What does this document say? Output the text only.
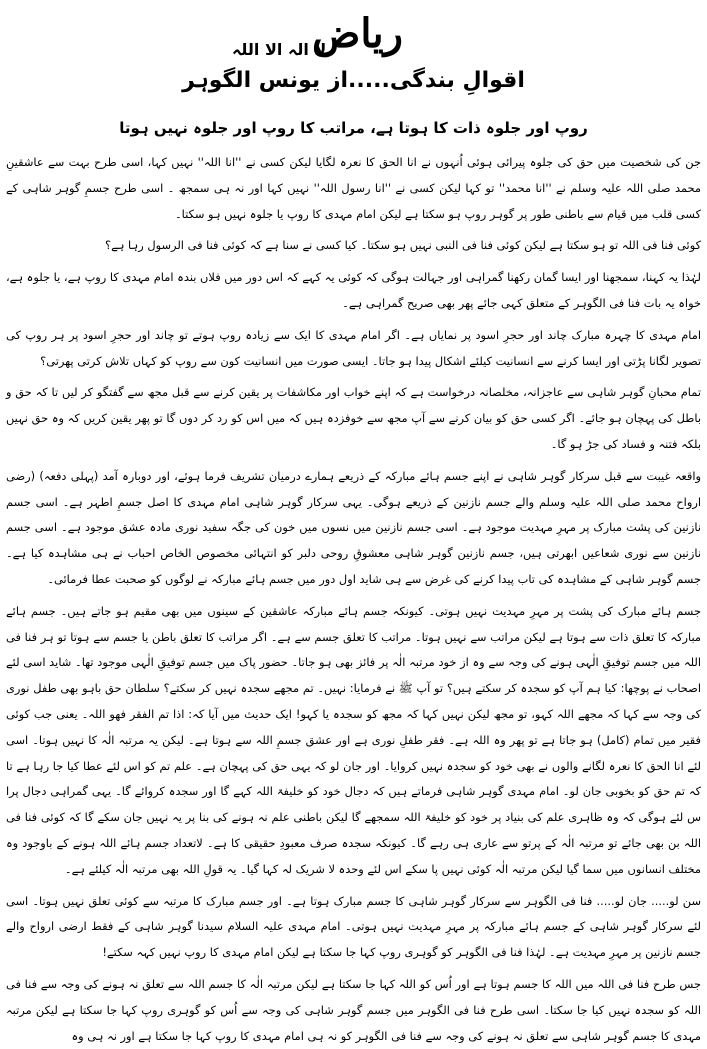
ریاض
لا الہ الا اللہ
اقوالِ بندگی.....از یونس الگوہر
روپ اور جلوہ ذات کا ہوتا ہے، مراتب کا روپ اور جلوہ نہیں ہوتا

جن کی شخصیت میں حق کی جلوہ پیرائی ہوئی اُنہوں نے انا الحق کا نعرہ لگایا لیکن کسی نے ''انا اللہ'' نہیں کہا، اسی طرح بہت سے عاشقینِ محمد صلی اللہ علیہ وسلم نے ''انا محمد'' تو کہا لیکن کسی نے ''انا رسول اللہ'' نہیں کہا اور نہ ہی سمجھ ۔ اسی طرح جسمِ گوہر شاہی کے کسی قلب میں قیام سے باطنی طور پر گوہر روپ ہو سکتا ہے لیکن امام مہدی کا روپ یا جلوہ نہیں ہو سکتا۔

کوئی فنا فی اللہ تو ہو سکتا ہے لیکن کوئی فنا فی النبی نہیں ہو سکتا۔ کیا کسی نے سنا ہے کہ کوئی فنا فی الرسول رہا ہے؟

لہٰذا یہ کہنا، سمجھنا اور ایسا گمان رکھنا گمراہی اور جہالت ہوگی کہ کوئی یہ کہے کہ اس دور میں فلاں بندہ امام مہدی کا روپ ہے، یا جلوہ ہے، خواہ یہ بات فنا فی الگوہر کے متعلق کہی جائے پھر بھی صریح گمراہی ہے۔

امام مہدی کا چہرہ مبارک چاند اور حجرِ اسود پر نمایاں ہے۔ اگر امام مہدی کا ایک سے زیادہ روپ ہوتے تو چاند اور حجرِ اسود پر ہر روپ کی تصویر لگانا پڑتی اور ایسا کرنے سے انسانیت کیلئے اشکال پیدا ہو جاتا۔ ایسی صورت میں انسانیت کون سے روپ کو کہاں تلاش کرتی پھرتی؟

تمام محبانِ گوہر شاہی سے عاجزانہ، مخلصانہ درخواست ہے کہ اپنے خواب اور مکاشفات پر یقین کرنے سے قبل مجھ سے گفتگو کر لیں تا کہ حق و باطل کی پہچان ہو جائے۔ اگر کسی حق کو بیان کرنے سے آپ مجھ سے خوفزدہ ہیں کہ میں اس کو رد کر دوں گا تو پھر یقین کریں کہ وہ حق نہیں بلکہ فتنہ و فساد کی جڑ ہو گا۔

واقعہ غیبت سے قبل سرکار گوہر شاہی نے اپنے جسم ہائے مبارکہ کے ذریعے ہمارے درمیان تشریف فرما ہوئے، اور دوبارہ آمد (پہلی دفعہ) (رضی ارواح محمد صلی اللہ علیہ وسلم والے جسم نازنین کے ذریعے ہوگی۔ یہی سرکار گوہر شاہی امام مہدی کا اصل جسمِ اطہر ہے۔ اسی جسم نازنین کی پشت مبارک پر مہرِ مہدیت موجود ہے۔ اسی جسم نازنین میں نسوں میں خون کی جگہ سفید نوری مادہ عشق موجود ہے۔ اسی جسم نازنین سے نوری شعاعیں ابھرتی ہیں، جسم نازنین گوہر شاہی معشوقِ روحی دلبر کو انتہائی مخصوص الخاص احباب نے ہی مشاہدہ کیا ہے۔ جسم گوہر شاہی کے مشاہدہ کی تاب پیدا کرنے کی غرض سے ہی شاید اول دور میں جسم ہائے مبارکہ نے لوگوں کو صحبت عطا فرمائی۔

جسم ہائے مبارک کی پشت پر مہرِ مہدیت نہیں ہوتی۔ کیونکہ جسم ہائے مبارکہ عاشقین کے سینوں میں بھی مقیم ہو جاتے ہیں۔ جسم ہائے مبارکہ کا تعلق ذات سے ہوتا ہے لیکن مراتب سے نہیں ہوتا۔ مراتب کا تعلق جسم سے ہے۔ اگر مراتب کا تعلق باطن یا جسم سے ہوتا تو ہر فنا فی اللہ میں جسم توفیقِ الٰہی ہونے کی وجہ سے وہ از خود مرتبہ الٰہ پر فائز بھی ہو جاتا۔ حضور پاک میں جسم توفیقِ الٰہی موجود تھا۔ شاید اسی لئے اصحاب نے پوچھا: کیا ہم آپ کو سجدہ کر سکتے ہیں؟ تو آپ ﷺ نے فرمایا: نہیں۔ تم مجھے سجدہ نہیں کر سکتے؟ سلطان حق باہو بھی طفل نوری کی وجہ سے کہا کہ مجھے اللہ کہو، تو مجھ لیکن نہیں کہا کہ مجھ کو سجدہ یا کہو! ایک حدیث میں آیا کہ: اذا تم الفقر فھو اللہ۔ یعنی جب کوئی فقیر میں تمام (کامل) ہو جاتا ہے تو پھر وہ اللہ ہے۔ فقر طفلِ نوری ہے اور عشق جسمِ اللہ سے ہوتا ہے۔ لیکن یہ مرتبہ الٰہ کا نہیں ہوتا۔ اسی لئے انا الحق کا نعرہ لگانے والوں نے بھی خود کو سجدہ نہیں کروایا۔ اور جان لو کہ یہی حق کی پہچان ہے۔ علم تم کو اس لئے عطا کیا جا رہا ہے تا کہ تم حق کو بخوبی جان لو۔ امام مہدی گوہر شاہی فرماتے ہیں کہ دجال خود کو خلیفۃ اللہ کہے گا اور سجدہ کروائے گا۔ یہی گمراہی دجال پرا س لئے ہوگی کہ وہ ظاہری علم کی بنیاد پر خود کو خلیفۃ اللہ سمجھے گا لیکن باطنی علم نہ ہونے کی بنا پر یہ نہیں جان سکے گا کہ کوئی فنا فی اللہ بن بھی جائے تو مرتبہ الٰہ کے پرتو سے عاری ہی رہے گا۔ کیونکہ سجدہ صرف معبودِ حقیقی کا ہے۔ لاتعداد جسم ہائے اللہ ہونے کے باوجود وہ مختلف انسانوں میں سما گیا لیکن مرتبہ الٰہ کوئی نہیں پا سکے اس لئے وحدہ لا شریک لہ کہا گیا۔ یہ قولِ اللہ بھی مرتبہ الٰہ کیلئے ہے۔

سن لو..... جان لو..... فنا فی الگوہر سے سرکار گوہر شاہی کا جسم مبارک ہوتا ہے۔ اور جسم مبارک کا مرتبہ سے کوئی تعلق نہیں ہوتا۔ اسی لئے سرکار گوہر شاہی کے جسم ہائے مبارکہ پر مہرِ مہدیت نہیں ہوتی۔ امام مہدی علیہ السلام سیدنا گوہر شاہی کے فقط ارضی ارواح والے جسم نازنین پر مہرِ مہدیت ہے۔ لہٰذا فنا فی الگوہر کو گوہری روپ کہا جا سکتا ہے لیکن امام مہدی کا روپ نہیں کہہ سکتے!

جس طرح فنا فی اللہ میں اللہ کا جسم ہوتا ہے اور اُس کو اللہ کہا جا سکتا ہے لیکن مرتبہ الٰہ کا جسم اللہ سے تعلق نہ ہونے کی وجہ سے فنا فی اللہ کو سجدہ نہیں کیا جا سکتا۔ اسی طرح فنا فی الگوہر میں جسم گوہر شاہی کی وجہ سے اُس کو گوہری روپ کہا جا سکتا ہے لیکن مرتبہ مہدی کا جسم گوہر شاہی سے تعلق نہ ہونے کی وجہ سے فنا فی الگوہر کو نہ ہی امام مہدی کا روپ کہا جا سکتا ہے اور نہ ہی وہ
